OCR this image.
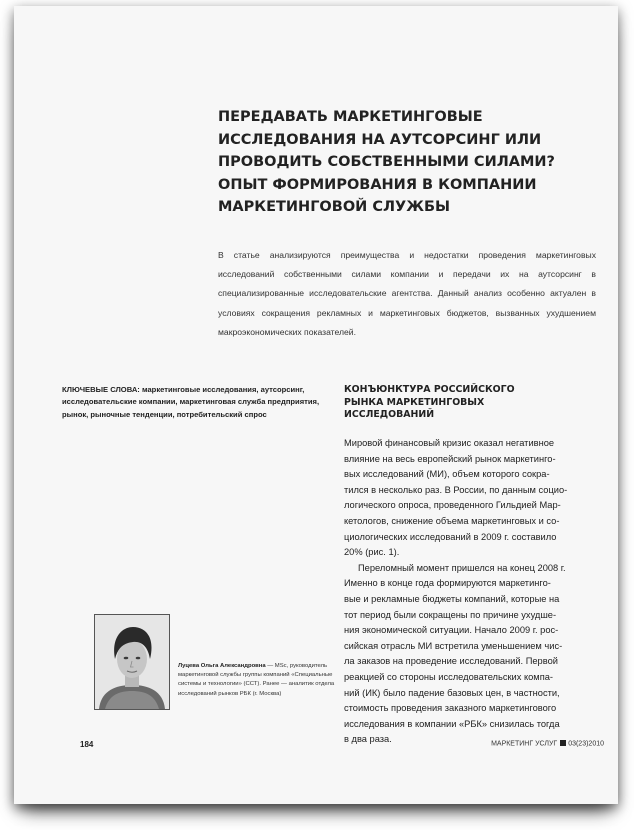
ПЕРЕДАВАТЬ МАРКЕТИНГОВЫЕ
ИССЛЕДОВАНИЯ НА АУТСОРСИНГ ИЛИ
ПРОВОДИТЬ СОБСТВЕННЫМИ СИЛАМИ?
ОПЫТ ФОРМИРОВАНИЯ В КОМПАНИИ
МАРКЕТИНГОВОЙ СЛУЖБЫ

В статье анализируются преимущества и недостатки проведения маркетинговых исследований собственными силами компании и передачи их на аутсорсинг в специализированные исследовательские агентства. Данный анализ особенно актуален в условиях сокращения рекламных и маркетинговых бюджетов, вызванных ухудшением макроэкономических показателей.

КЛЮЧЕВЫЕ СЛОВА: маркетинговые исследования, аутсорсинг, исследовательские компании, маркетинговая служба предприятия, рынок, рыночные тенденции, потребительский спрос

КОНЪЮНКТУРА РОССИЙСКОГО
РЫНКА МАРКЕТИНГОВЫХ
ИССЛЕДОВАНИЙ
Мировой финансовый кризис оказал негативное
влияние на весь европейский рынок маркетинго-
вых исследований (МИ), объем которого сокра-
тился в несколько раз. В России, по данным социо-
логического опроса, проведенного Гильдией Мар-
кетологов, снижение объема маркетинговых и со-
циологических исследований в 2009 г. составило
20% (рис. 1).
Переломный момент пришелся на конец 2008 г.
Именно в конце года формируются маркетинго-
вые и рекламные бюджеты компаний, которые на
тот период были сокращены по причине ухудше-
ния экономической ситуации. Начало 2009 г. рос-
сийская отрасль МИ встретила уменьшением чис-
ла заказов на проведение исследований. Первой
реакцией со стороны исследовательских компа-
ний (ИК) было падение базовых цен, в частности,
стоимость проведения заказного маркетингового
исследования в компании «РБК» снизилась тогда
в два раза.

Луцева Ольга Александровна — MSc, руководитель маркетинговой службы группы компаний «Специальные системы и технологии» (ССТ). Ранее — аналитик отдела исследований рынков РБК (г. Москва)

184	МАРКЕТИНГ УСЛУГ 03(23)2010
